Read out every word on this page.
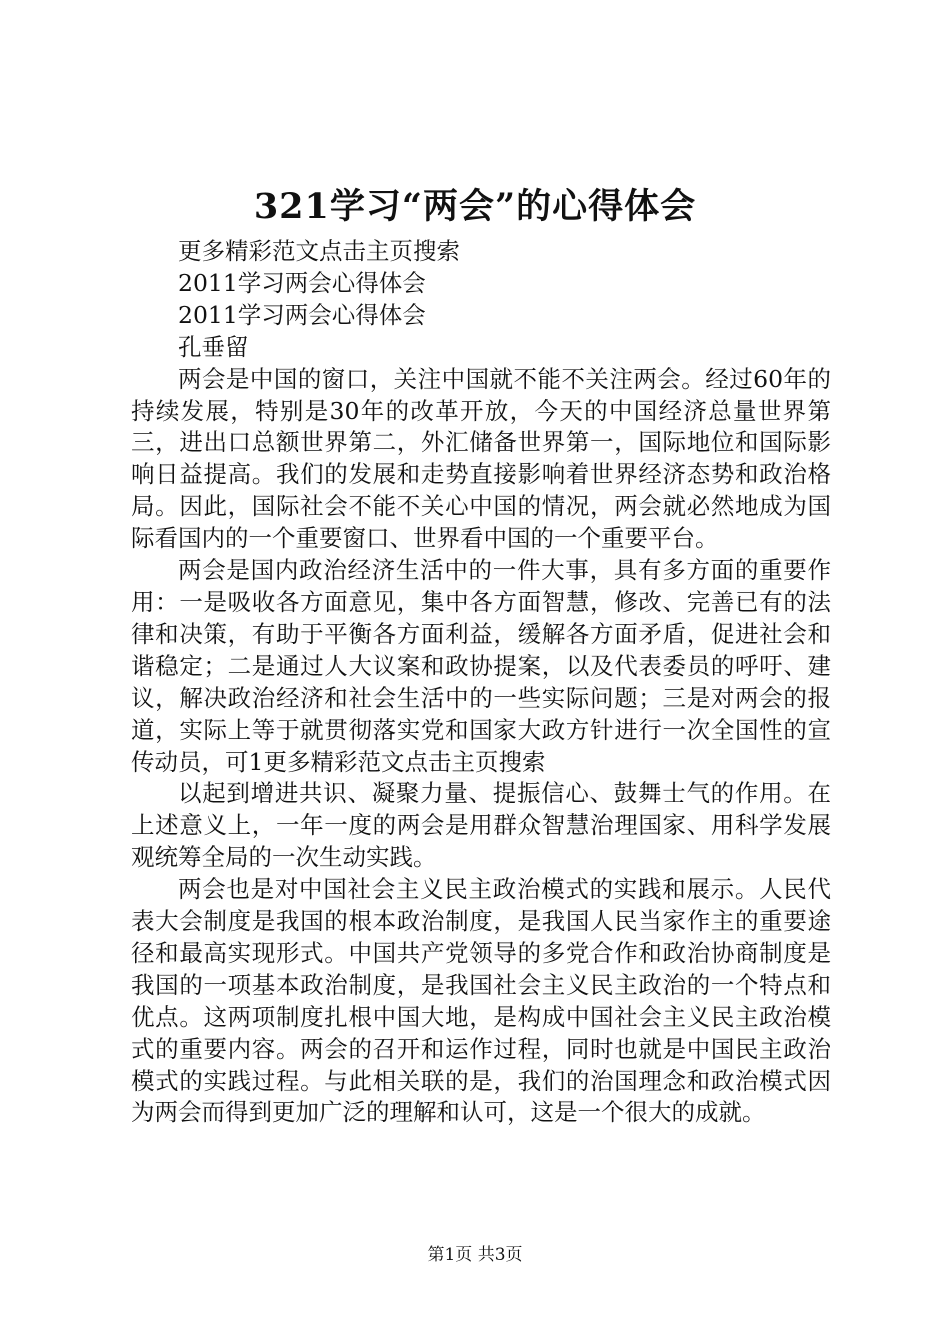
321学习“两会”的心得体会

更多精彩范文点击主页搜索

2011学习两会心得体会

2011学习两会心得体会

孔垂留

两会是中国的窗口，关注中国就不能不关注两会。经过60年的持续发展，特别是30年的改革开放，今天的中国经济总量世界第三，进出口总额世界第二，外汇储备世界第一，国际地位和国际影响日益提高。我们的发展和走势直接影响着世界经济态势和政治格局。因此，国际社会不能不关心中国的情况，两会就必然地成为国际看国内的一个重要窗口、世界看中国的一个重要平台。

两会是国内政治经济生活中的一件大事，具有多方面的重要作用：一是吸收各方面意见，集中各方面智慧，修改、完善已有的法律和决策，有助于平衡各方面利益，缓解各方面矛盾，促进社会和谐稳定；二是通过人大议案和政协提案，以及代表委员的呼吁、建议，解决政治经济和社会生活中的一些实际问题；三是对两会的报道，实际上等于就贯彻落实党和国家大政方针进行一次全国性的宣传动员，可1更多精彩范文点击主页搜索

以起到增进共识、凝聚力量、提振信心、鼓舞士气的作用。在上述意义上，一年一度的两会是用群众智慧治理国家、用科学发展观统筹全局的一次生动实践。

两会也是对中国社会主义民主政治模式的实践和展示。人民代表大会制度是我国的根本政治制度，是我国人民当家作主的重要途径和最高实现形式。中国共产党领导的多党合作和政治协商制度是我国的一项基本政治制度，是我国社会主义民主政治的一个特点和优点。这两项制度扎根中国大地，是构成中国社会主义民主政治模式的重要内容。两会的召开和运作过程，同时也就是中国民主政治模式的实践过程。与此相关联的是，我们的治国理念和政治模式因为两会而得到更加广泛的理解和认可，这是一个很大的成就。

第1页 共3页
